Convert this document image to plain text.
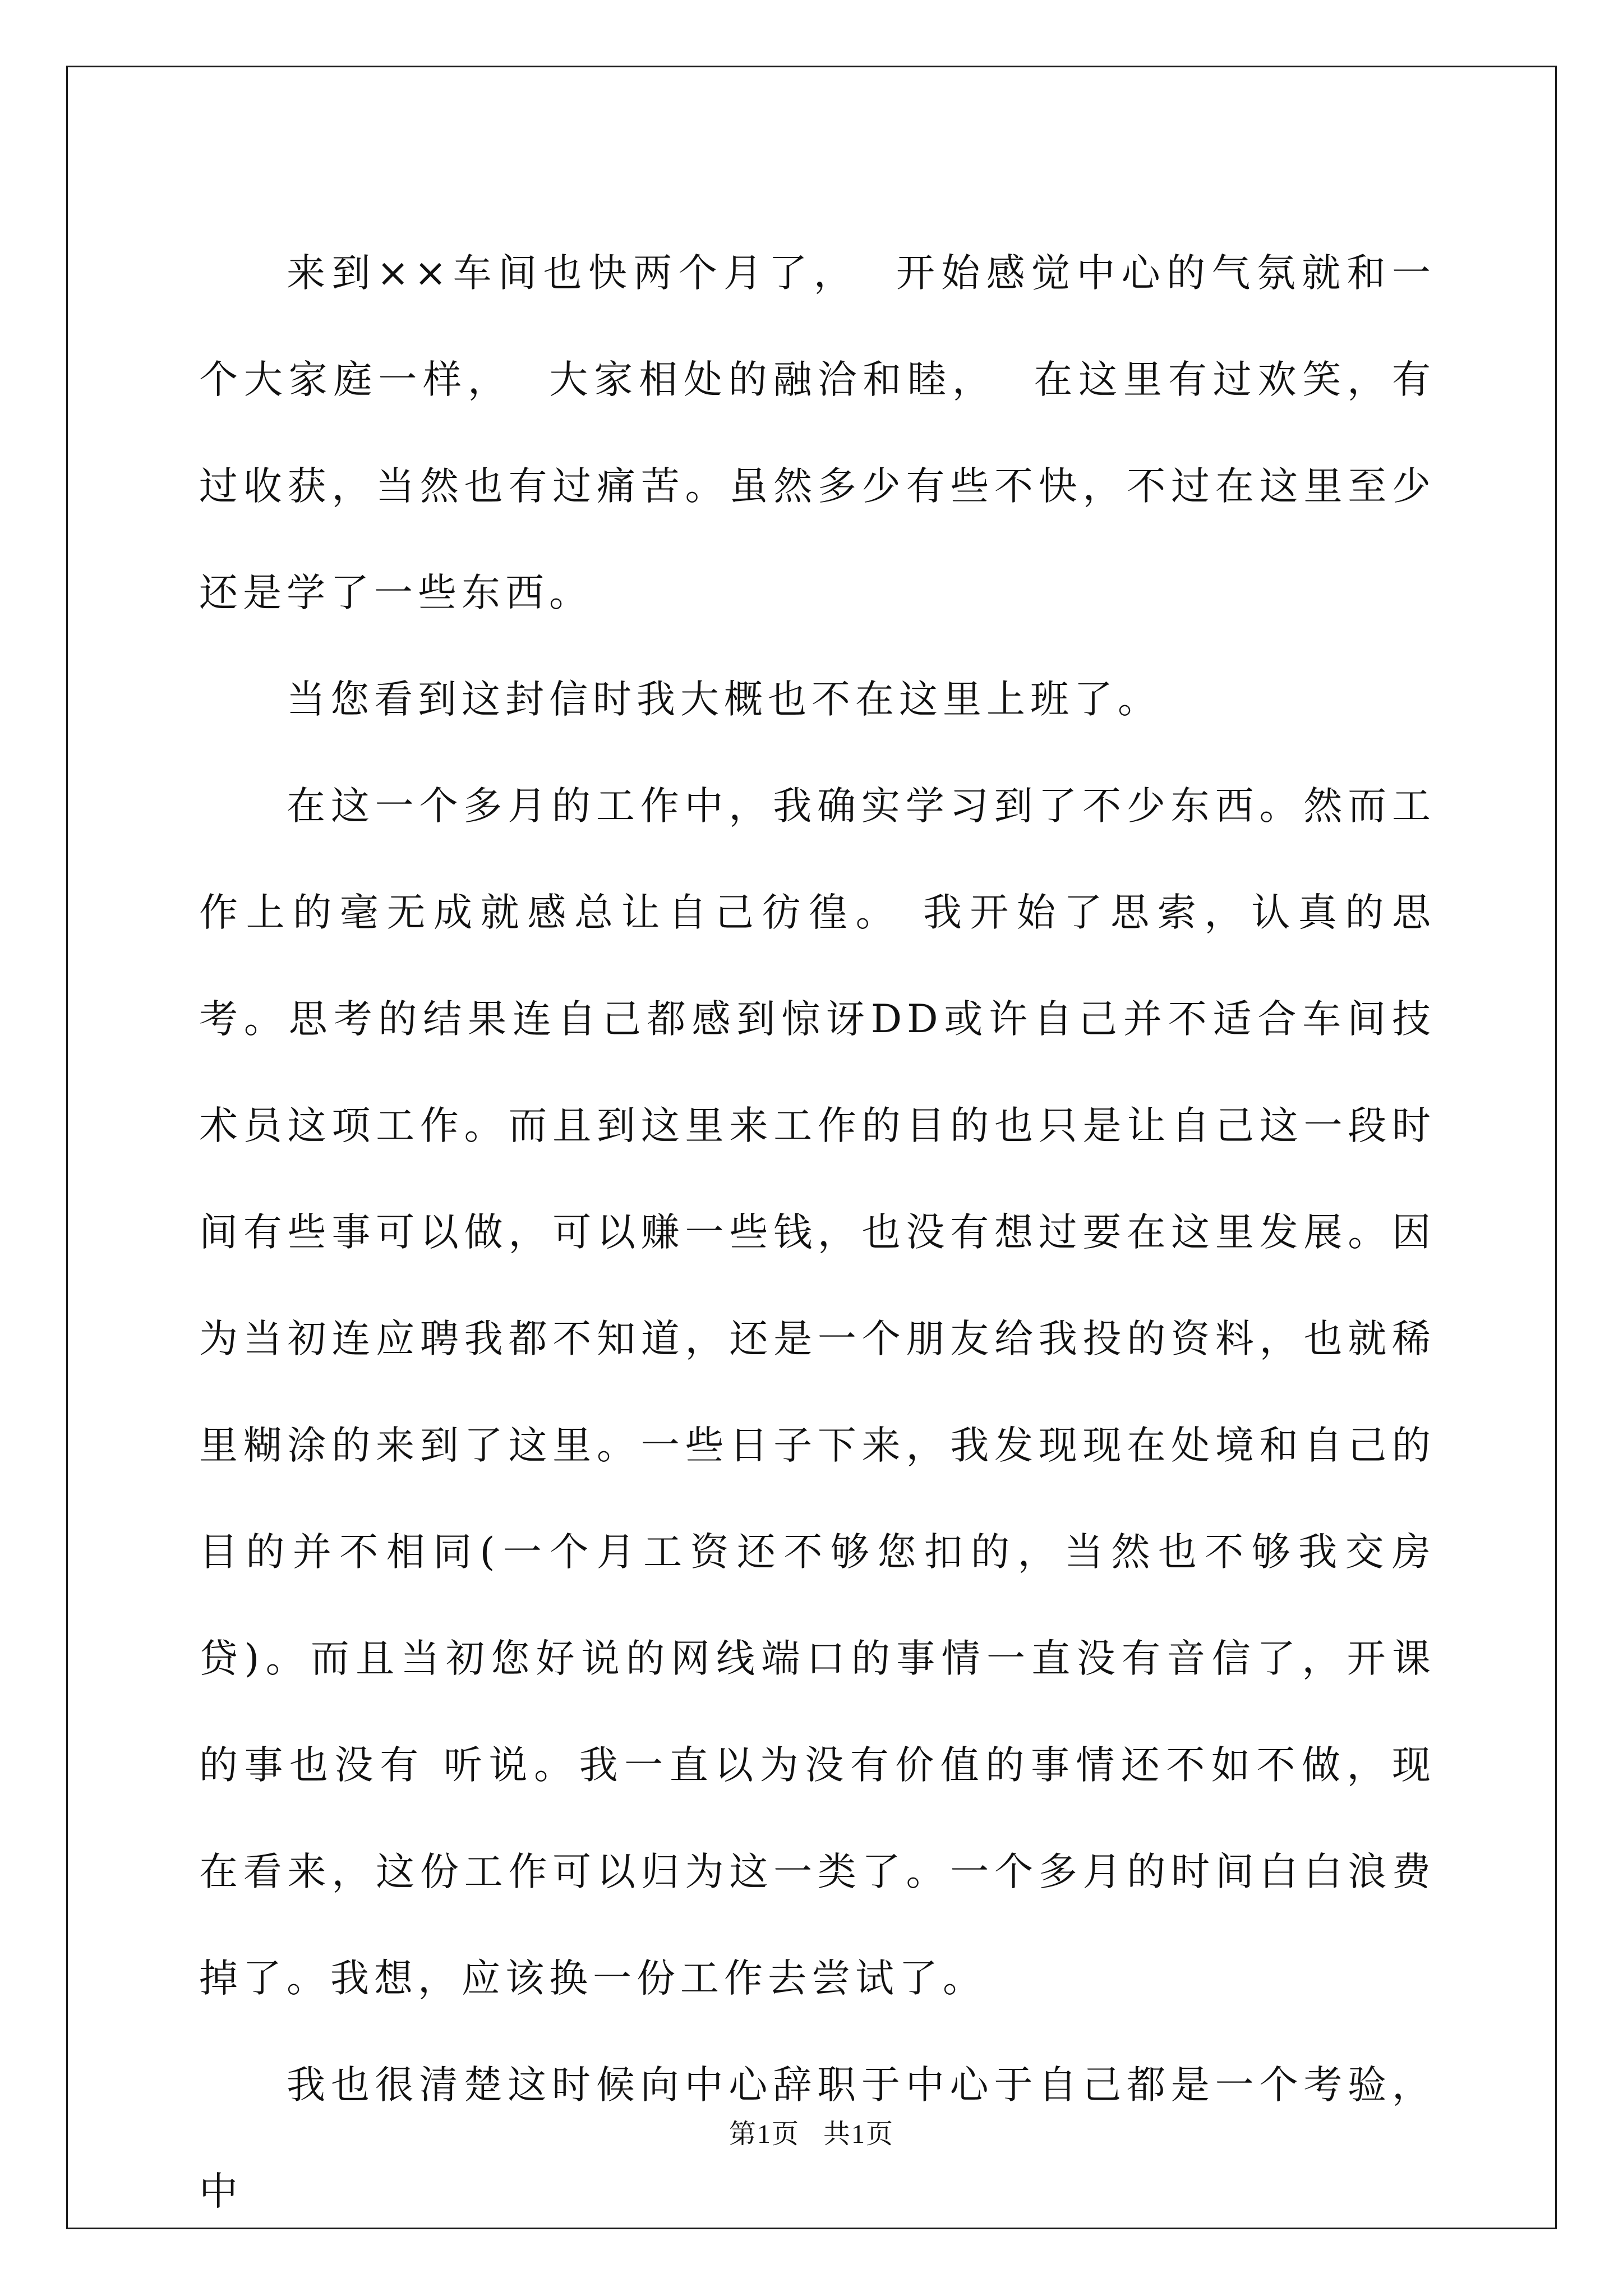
来到××车间也快两个月了，  开始感觉中心的气氛就和一个大家庭一样，  大家相处的融洽和睦，  在这里有过欢笑，有过收获，当然也有过痛苦。虽然多少有些不快，不过在这里至少还是学了一些东西。

当您看到这封信时我大概也不在这里上班了。

在这一个多月的工作中，我确实学习到了不少东西。然而工作上的毫无成就感总让自己彷徨。 我开始了思索，认真的思考。思考的结果连自己都感到惊讶DD或许自己并不适合车间技术员这项工作。而且到这里来工作的目的也只是让自己这一段时间有些事可以做，可以赚一些钱，也没有想过要在这里发展。因为当初连应聘我都不知道，还是一个朋友给我投的资料，也就稀里糊涂的来到了这里。一些日子下来，我发现现在处境和自己的目的并不相同(一个月工资还不够您扣的，当然也不够我交房贷)。而且当初您好说的网线端口的事情一直没有音信了，开课的事也没有 听说。我一直以为没有价值的事情还不如不做，现在看来，这份工作可以归为这一类了。一个多月的时间白白浪费掉了。我想，应该换一份工作去尝试了。

我也很清楚这时候向中心辞职于中心于自己都是一个考验，  中

第1页   共1页
